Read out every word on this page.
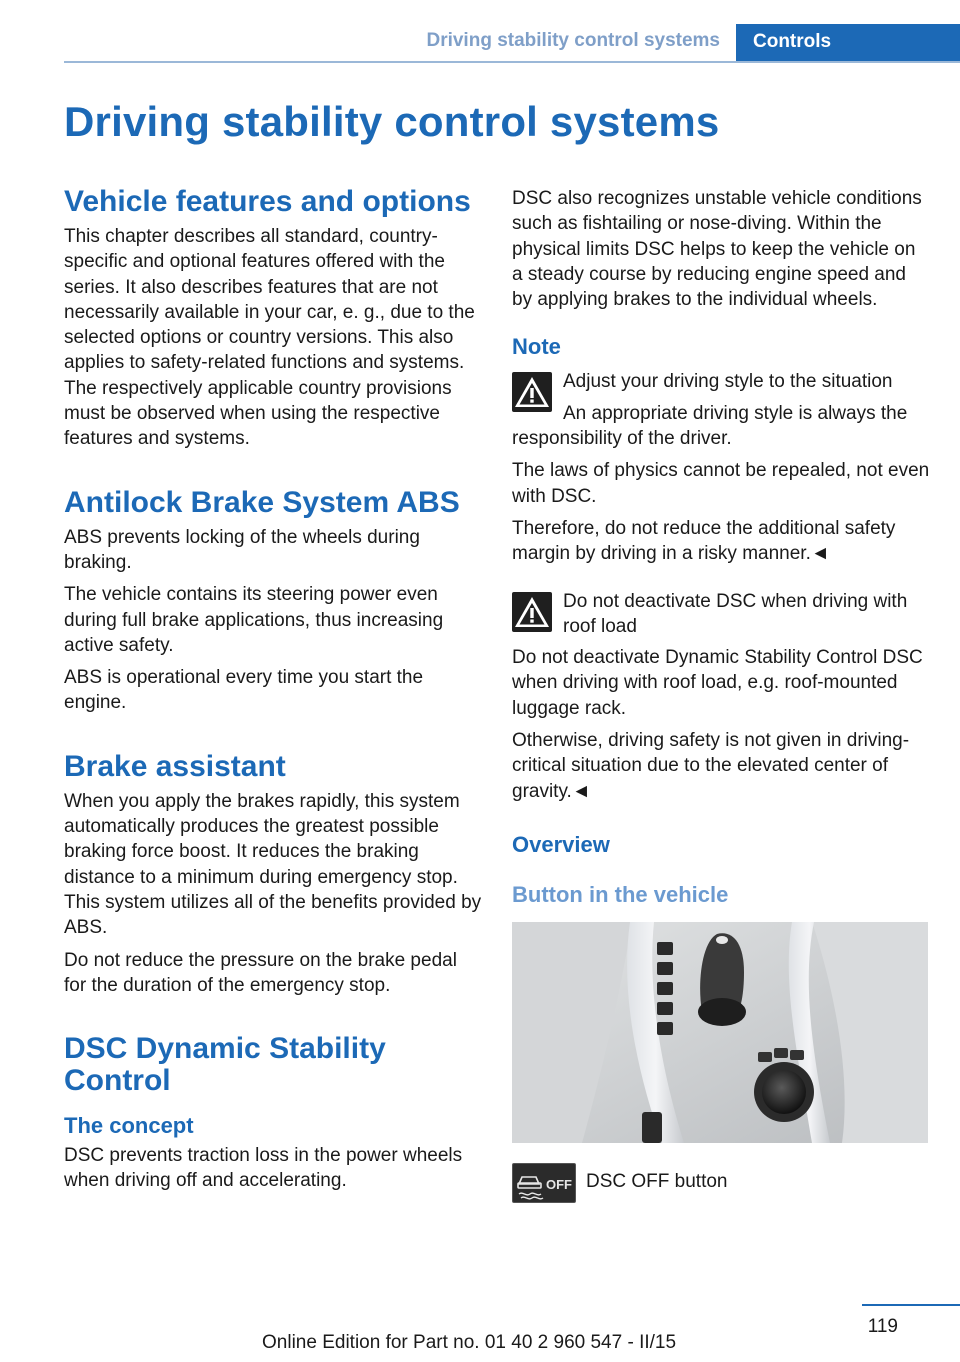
Driving stability control systems	Controls
Driving stability control systems
Vehicle features and options

This chapter describes all standard, country-specific and optional features offered with the series. It also describes features that are not necessarily available in your car, e. g., due to the selected options or country versions. This also applies to safety-related functions and systems. The respectively applicable country provisions must be observed when using the respective features and systems.

Antilock Brake System ABS

ABS prevents locking of the wheels during braking.

The vehicle contains its steering power even during full brake applications, thus increasing active safety.

ABS is operational every time you start the engine.

Brake assistant

When you apply the brakes rapidly, this system automatically produces the greatest possible braking force boost. It reduces the braking distance to a minimum during emergency stop. This system utilizes all of the benefits provided by ABS.

Do not reduce the pressure on the brake pedal for the duration of the emergency stop.

DSC Dynamic Stability Control
The concept

DSC prevents traction loss in the power wheels when driving off and accelerating.

DSC also recognizes unstable vehicle conditions such as fishtailing or nose-diving. Within the physical limits DSC helps to keep the vehicle on a steady course by reducing engine speed and by applying brakes to the individual wheels.

Note

Adjust your driving style to the situation

An appropriate driving style is always the responsibility of the driver.

The laws of physics cannot be repealed, not even with DSC.

Therefore, do not reduce the additional safety margin by driving in a risky manner.◄

Do not deactivate DSC when driving with roof load

Do not deactivate Dynamic Stability Control DSC when driving with roof load, e.g. roof-mounted luggage rack.

Otherwise, driving safety is not given in driving-critical situation due to the elevated center of gravity.◄

Overview
Button in the vehicle
OFF DSC OFF button

119
Online Edition for Part no. 01 40 2 960 547 - II/15
